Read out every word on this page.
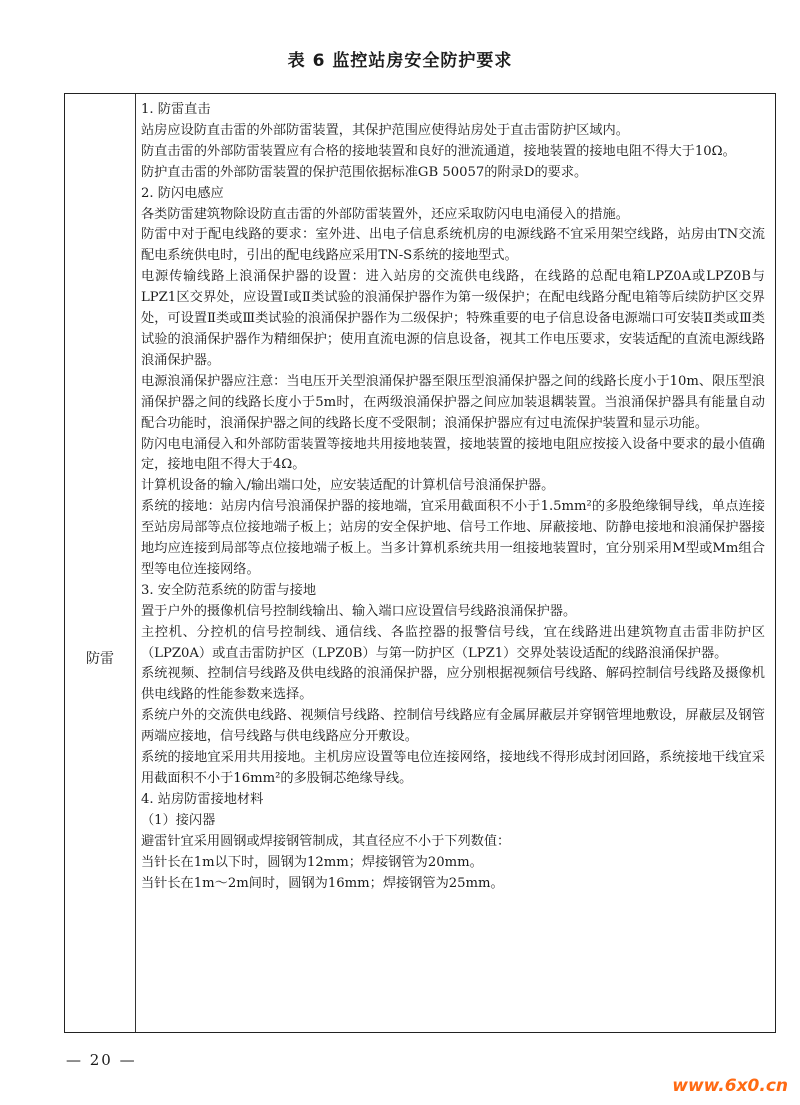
表 6 监控站房安全防护要求
防雷

1. 防雷直击

站房应设防直击雷的外部防雷装置，其保护范围应使得站房处于直击雷防护区域内。

防直击雷的外部防雷装置应有合格的接地装置和良好的泄流通道，接地装置的接地电阻不得大于10Ω。

防护直击雷的外部防雷装置的保护范围依据标准GB 50057的附录D的要求。

2. 防闪电感应

各类防雷建筑物除设防直击雷的外部防雷装置外，还应采取防闪电电涌侵入的措施。

防雷中对于配电线路的要求：室外进、出电子信息系统机房的电源线路不宜采用架空线路，站房由TN交流配电系统供电时，引出的配电线路应采用TN-S系统的接地型式。

电源传输线路上浪涌保护器的设置：进入站房的交流供电线路，在线路的总配电箱LPZ0A或LPZ0B与LPZ1区交界处，应设置Ⅰ或Ⅱ类试验的浪涌保护器作为第一级保护；在配电线路分配电箱等后续防护区交界处，可设置Ⅱ类或Ⅲ类试验的浪涌保护器作为二级保护；特殊重要的电子信息设备电源端口可安装Ⅱ类或Ⅲ类试验的浪涌保护器作为精细保护；使用直流电源的信息设备，视其工作电压要求，安装适配的直流电源线路浪涌保护器。

电源浪涌保护器应注意：当电压开关型浪涌保护器至限压型浪涌保护器之间的线路长度小于10m、限压型浪涌保护器之间的线路长度小于5m时，在两级浪涌保护器之间应加装退耦装置。当浪涌保护器具有能量自动配合功能时，浪涌保护器之间的线路长度不受限制；浪涌保护器应有过电流保护装置和显示功能。

防闪电电涌侵入和外部防雷装置等接地共用接地装置，接地装置的接地电阻应按接入设备中要求的最小值确定，接地电阻不得大于4Ω。

计算机设备的输入/输出端口处，应安装适配的计算机信号浪涌保护器。

系统的接地：站房内信号浪涌保护器的接地端，宜采用截面积不小于1.5mm²的多股绝缘铜导线，单点连接至站房局部等点位接地端子板上；站房的安全保护地、信号工作地、屏蔽接地、防静电接地和浪涌保护器接地均应连接到局部等点位接地端子板上。当多计算机系统共用一组接地装置时，宜分别采用M型或Mm组合型等电位连接网络。

3. 安全防范系统的防雷与接地

置于户外的摄像机信号控制线输出、输入端口应设置信号线路浪涌保护器。

主控机、分控机的信号控制线、通信线、各监控器的报警信号线，宜在线路进出建筑物直击雷非防护区（LPZ0A）或直击雷防护区（LPZ0B）与第一防护区（LPZ1）交界处装设适配的线路浪涌保护器。

系统视频、控制信号线路及供电线路的浪涌保护器，应分别根据视频信号线路、解码控制信号线路及摄像机供电线路的性能参数来选择。

系统户外的交流供电线路、视频信号线路、控制信号线路应有金属屏蔽层并穿钢管埋地敷设，屏蔽层及钢管两端应接地，信号线路与供电线路应分开敷设。

系统的接地宜采用共用接地。主机房应设置等电位连接网络，接地线不得形成封闭回路，系统接地干线宜采用截面积不小于16mm²的多股铜芯绝缘导线。

4. 站房防雷接地材料

（1）接闪器

避雷针宜采用圆钢或焊接钢管制成，其直径应不小于下列数值：

当针长在1m以下时，圆钢为12mm；焊接钢管为20mm。

当针长在1m～2m间时，圆钢为16mm；焊接钢管为25mm。

— 20 —
www.6x0.cn
